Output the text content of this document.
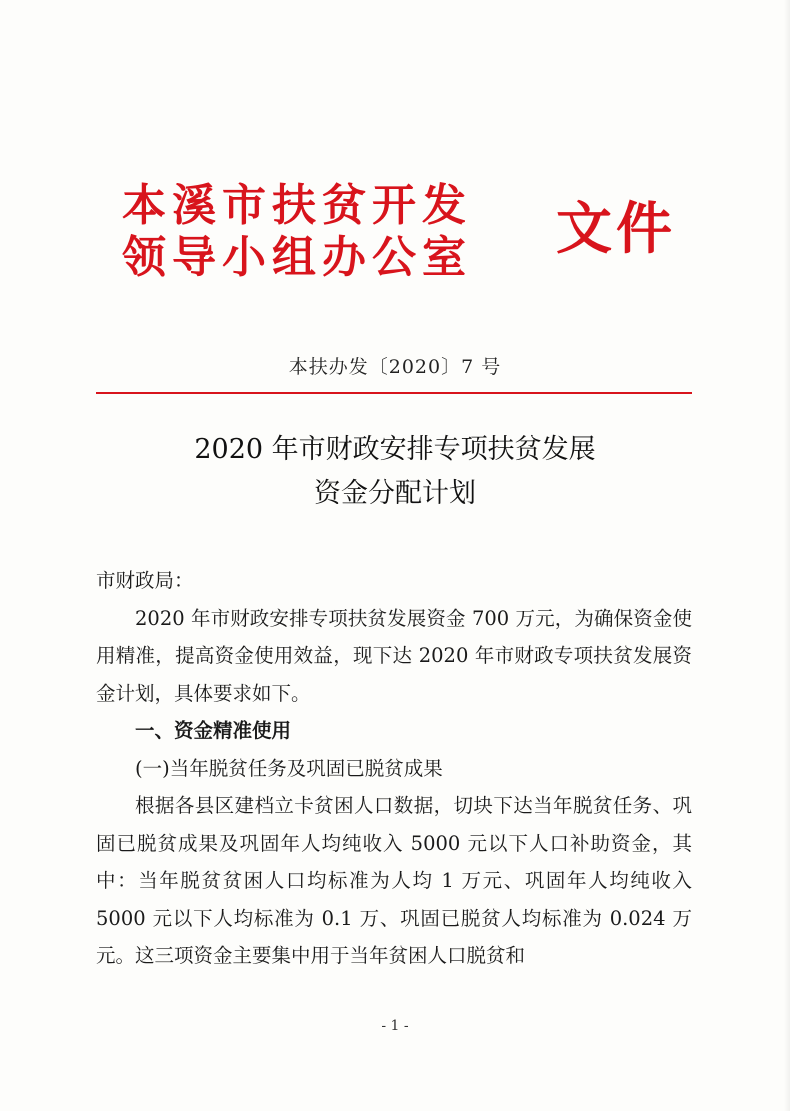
本溪市扶贫开发
领导小组办公室	文件
本扶办发〔2020〕7 号
2020 年市财政安排专项扶贫发展
资金分配计划

市财政局：

2020 年市财政安排专项扶贫发展资金 700 万元，为确保资金使用精准，提高资金使用效益，现下达 2020 年市财政专项扶贫发展资金计划，具体要求如下。

一、资金精准使用

(一)当年脱贫任务及巩固已脱贫成果

根据各县区建档立卡贫困人口数据，切块下达当年脱贫任务、巩固已脱贫成果及巩固年人均纯收入 5000 元以下人口补助资金，其中：当年脱贫贫困人口均标准为人均 1 万元、巩固年人均纯收入 5000 元以下人均标准为 0.1 万、巩固已脱贫人均标准为 0.024 万元。这三项资金主要集中用于当年贫困人口脱贫和

- 1 -
